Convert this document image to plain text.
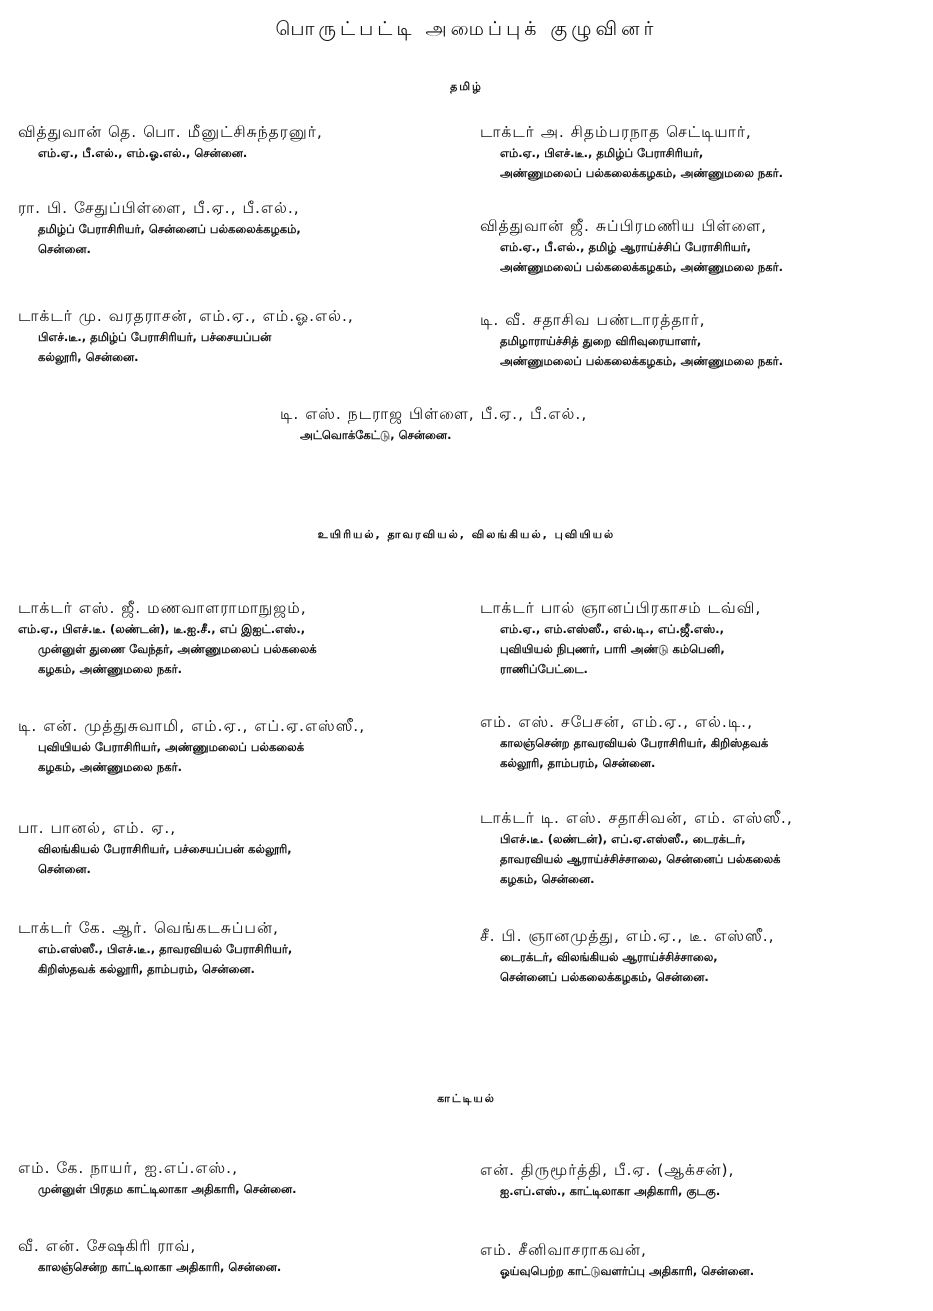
பொருட்பட்டி அமைப்புக் குழுவினர்
தமிழ்
வித்துவான் தெ. பொ. மீனுட்சிசுந்தரனுர்,
எம்.ஏ., பீ.எல்., எம்.ஓ.எல்., சென்னை.
டாக்டர் அ. சிதம்பரநாத செட்டியார்,
எம்.ஏ., பிஎச்.டீ., தமிழ்ப் பேராசிரியர்,
அண்ணுமலைப் பல்கலைக்கழகம், அண்ணுமலை நகர்.
ரா. பி. சேதுப்பிள்ளை, பீ.ஏ., பீ.எல்.,
தமிழ்ப் பேராசிரியர், சென்னைப் பல்கலைக்கழகம்,
சென்னை.
வித்துவான் ஜீ. சுப்பிரமணிய பிள்ளை,
எம்.ஏ., பீ.எல்., தமிழ் ஆராய்ச்சிப் பேராசிரியர்,
அண்ணுமலைப் பல்கலைக்கழகம், அண்ணுமலை நகர்.
டாக்டர் மு. வரதராசன், எம்.ஏ., எம்.ஓ.எல்.,
பிஎச்.டீ., தமிழ்ப் பேராசிரியர், பச்சையப்பன்
கல்லூரி, சென்னை.
டி. வீ. சதாசிவ பண்டாரத்தார்,
தமிழாராய்ச்சித் துறை விரிவுரையாளர்,
அண்ணுமலைப் பல்கலைக்கழகம், அண்ணுமலை நகர்.
டி. எஸ். நடராஜ பிள்ளை, பீ.ஏ., பீ.எல்.,
அட்வொக்கேட்டு, சென்னை.
உயிரியல், தாவரவியல், விலங்கியல், புவியியல்
டாக்டர் எஸ். ஜீ. மணவாளராமாநுஜம்,
எம்.ஏ., பிஎச்.டீ. (லண்டன்), டீ.ஐ.சீ., எப் இஐட்.எஸ்.,
முன்னுள் துணை வேந்தர், அண்ணுமலைப் பல்கலைக்
கழகம், அண்ணுமலை நகர்.
டாக்டர் பால் ஞானப்பிரகாசம் டவ்வி,
எம்.ஏ., எம்.எஸ்ஸீ., எல்.டி., எப்.ஜீ.எஸ்.,
புவியியல் நிபுணர், பாரி அண்டு கம்பெனி,
ராணிப்பேட்டை.
டி. என். முத்துசுவாமி, எம்.ஏ., எப்.ஏ.எஸ்ஸீ.,
புவியியல் பேராசிரியர், அண்ணுமலைப் பல்கலைக்
கழகம், அண்ணுமலை நகர்.
எம். எஸ். சபேசன், எம்.ஏ., எல்.டி.,
காலஞ்சென்ற தாவரவியல் பேராசிரியர், கிறிஸ்தவக்
கல்லூரி, தாம்பரம், சென்னை.
பா. பானல், எம். ஏ.,
விலங்கியல் பேராசிரியர், பச்சையப்பன் கல்லூரி,
சென்னை.
டாக்டர் டி. எஸ். சதாசிவன், எம். எஸ்ஸீ.,
பிஎச்.டீ. (லண்டன்), எப்.ஏ.எஸ்ஸீ., டைரக்டர்,
தாவரவியல் ஆராய்ச்சிச்சாலை, சென்னைப் பல்கலைக்
கழகம், சென்னை.
டாக்டர் கே. ஆர். வெங்கடசுப்பன்,
எம்.எஸ்ஸீ., பிஎச்.டீ., தாவரவியல் பேராசிரியர்,
கிறிஸ்தவக் கல்லூரி, தாம்பரம், சென்னை.
சீ. பி. ஞானமுத்து, எம்.ஏ., டீ. எஸ்ஸீ.,
டைரக்டர், விலங்கியல் ஆராய்ச்சிச்சாலை,
சென்னைப் பல்கலைக்கழகம், சென்னை.
காட்டியல்
எம். கே. நாயர், ஐ.எப்.எஸ்.,
முன்னுள் பிரதம காட்டிலாகா அதிகாரி, சென்னை.
என். திருமூர்த்தி, பீ.ஏ. (ஆக்சன்),
ஐ.எப்.எஸ்., காட்டிலாகா அதிகாரி, குடகு.
வீ. என். சேஷகிரி ராவ்,
காலஞ்சென்ற காட்டிலாகா அதிகாரி, சென்னை.
எம். சீனிவாசராகவன்,
ஓய்வுபெற்ற காட்டுவளர்ப்பு அதிகாரி, சென்னை.
